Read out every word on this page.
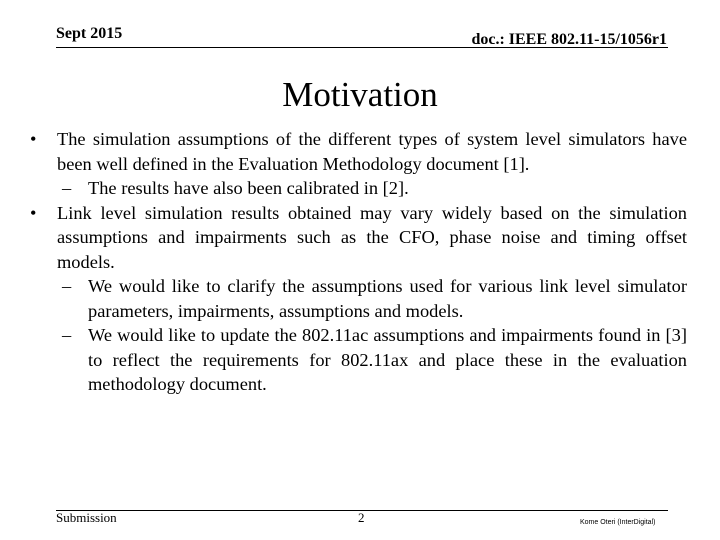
Sept 2015	doc.: IEEE 802.11-15/1056r1
Motivation
• The simulation assumptions of the different types of system level simulators have been well defined in the Evaluation Methodology document [1].
– The results have also been calibrated in [2].
• Link level simulation results obtained may vary widely based on the simulation assumptions and impairments such as the CFO, phase noise and timing offset models.
– We would like to clarify the assumptions used for various link level simulator parameters, impairments, assumptions and models.
– We would like to update the 802.11ac assumptions and impairments found in [3] to reflect the requirements for 802.11ax and place these in the evaluation methodology document.
Submission	2	Kome Oteri (InterDigital)
